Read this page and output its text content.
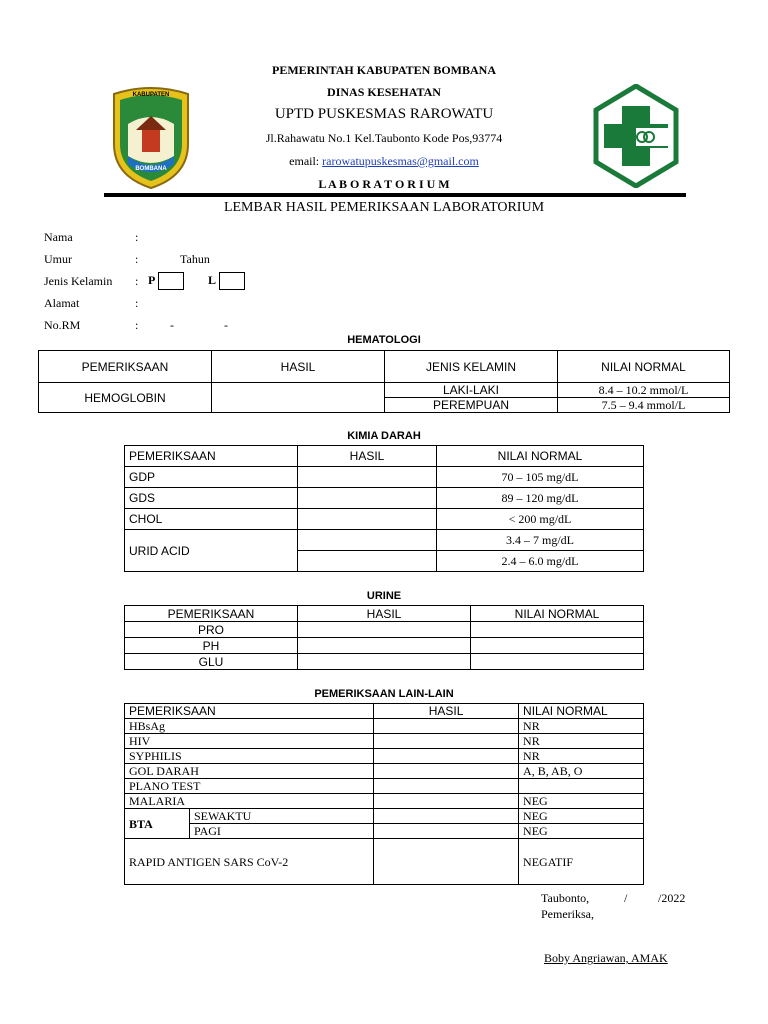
KABUPATEN
BOMBANA
PEMERINTAH KABUPATEN BOMBANA
DINAS KESEHATAN
UPTD PUSKESMAS RAROWATU
Jl.Rahawatu No.1 Kel.Taubonto Kode Pos,93774
email: rarowatupuskesmas@gmail.com
L A B O R A T O R I U M
LEMBAR HASIL PEMERIKSAAN LABORATORIUM
Nama	:
Umur	:	Tahun
Jenis Kelamin : P	L
Alamat	:
No.RM	:	-	-
HEMATOLOGI
PEMERIKSAAN	HASIL	JENIS KELAMIN	NILAI NORMAL
HEMOGLOBIN		LAKI-LAKI	8.4 – 10.2 mmol/L
		PEREMPUAN	7.5 – 9.4 mmol/L
KIMIA DARAH
PEMERIKSAAN	HASIL	NILAI NORMAL
GDP		70 – 105 mg/dL
GDS		89 – 120 mg/dL
CHOL		< 200 mg/dL
URID ACID		3.4 – 7 mg/dL
		2.4 – 6.0 mg/dL
URINE
PEMERIKSAAN	HASIL	NILAI NORMAL
PRO		
PH		
GLU		
PEMERIKSAAN LAIN-LAIN
PEMERIKSAAN		HASIL	NILAI NORMAL
HBsAg			NR
HIV			NR
SYPHILIS			NR
GOL DARAH			A, B, AB, O
PLANO TEST			
MALARIA			NEG
BTA	SEWAKTU		NEG
	PAGI		NEG
RAPID ANTIGEN SARS CoV-2			NEGATIF
Taubonto,	/	/2022
Pemeriksa,
Boby Angriawan, AMAK
